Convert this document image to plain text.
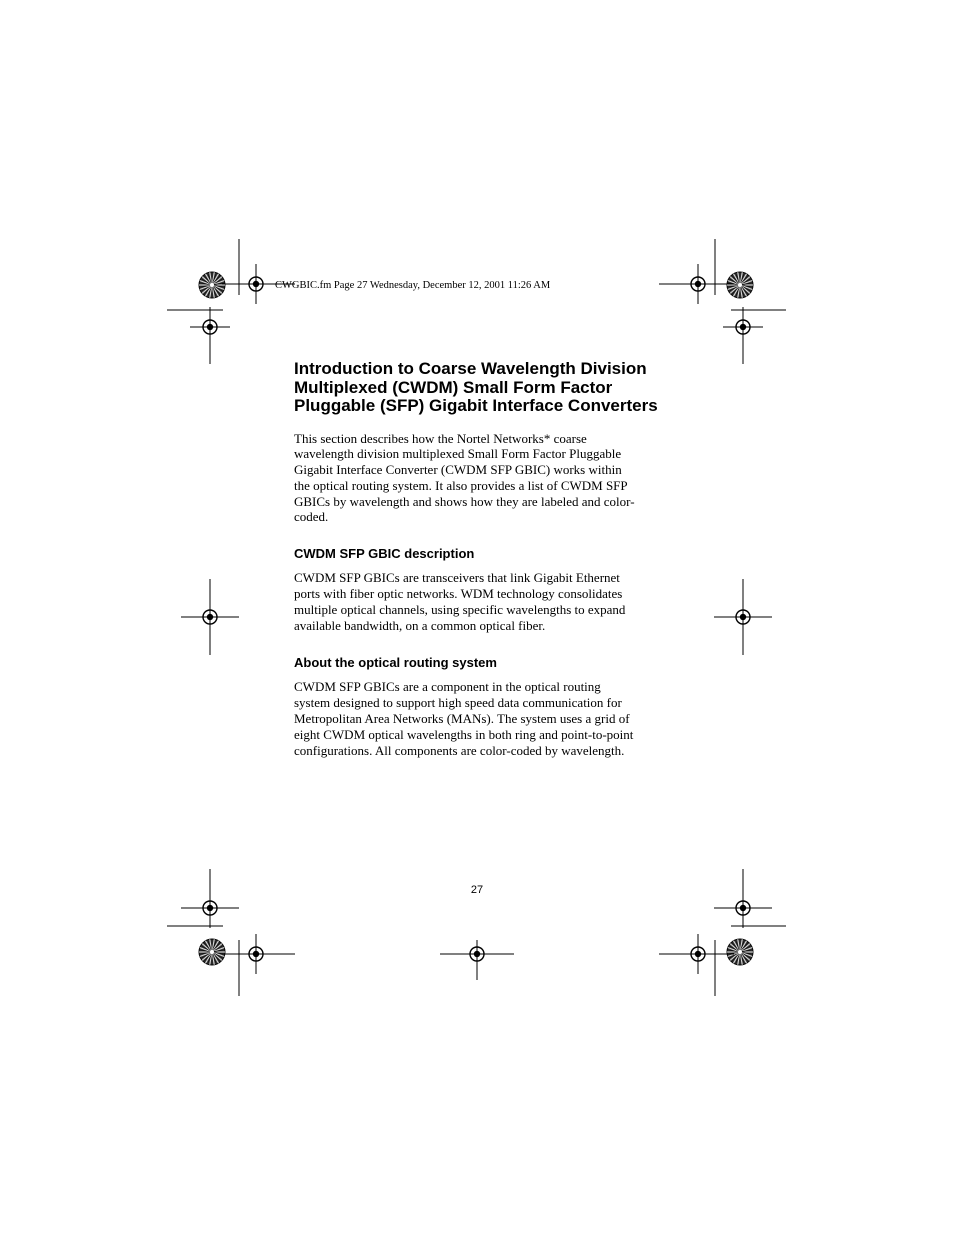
CWGBIC.fm Page 27 Wednesday, December 12, 2001 11:26 AM
Introduction to Coarse Wavelength Division
Multiplexed (CWDM) Small Form Factor
Pluggable (SFP) Gigabit Interface Converters

This section describes how the Nortel Networks* coarse
wavelength division multiplexed Small Form Factor Pluggable
Gigabit Interface Converter (CWDM SFP GBIC) works within
the optical routing system. It also provides a list of CWDM SFP
GBICs by wavelength and shows how they are labeled and color-
coded.

CWDM SFP GBIC description

CWDM SFP GBICs are transceivers that link Gigabit Ethernet
ports with fiber optic networks. WDM technology consolidates
multiple optical channels, using specific wavelengths to expand
available bandwidth, on a common optical fiber.

About the optical routing system

CWDM SFP GBICs are a component in the optical routing
system designed to support high speed data communication for
Metropolitan Area Networks (MANs). The system uses a grid of
eight CWDM optical wavelengths in both ring and point-to-point
configurations. All components are color-coded by wavelength.

27
